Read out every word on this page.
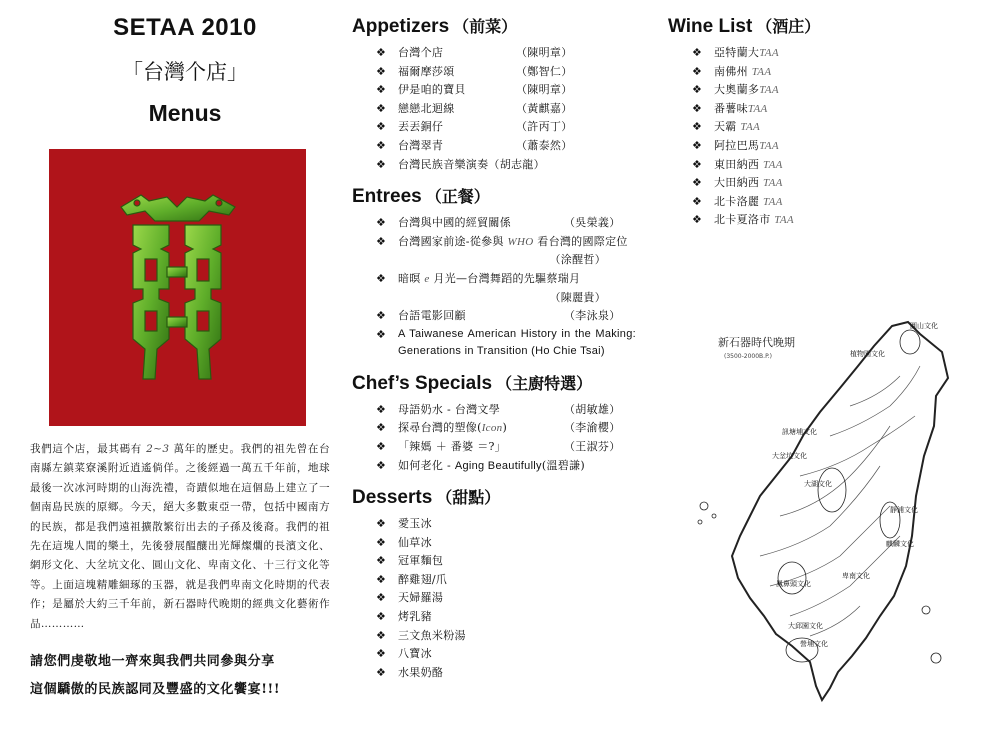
SETAA 2010
「台灣个店」
Menus
我們這个店，最其碼有 2~3 萬年的歷史。我們的祖先曾在台南縣左鎮菜寮溪附近逍遙倘佯。之後經過一萬五千年前，地球最後一次冰河時期的山海洗禮，奇蹟似地在這個島上建立了一個南島民族的原鄉。今天，絕大多數東亞一帶，包括中國南方的民族，都是我們遠祖擴散繁衍出去的子孫及後裔。我們的祖先在這塊人間的樂土，先後發展醞釀出光輝燦爛的長濱文化、網形文化、大坌坑文化、圓山文化、卑南文化、十三行文化等等。上面這塊精雕細琢的玉器，就是我們卑南文化時期的代表作；是屬於大約三千年前，新石器時代晚期的經典文化藝術作品…………
請您們虔敬地一齊來與我們共同參與分享
這個驕傲的民族認同及豐盛的文化饗宴!!!
Appetizers （前菜）
❖ 台灣个店	（陳明章）
❖ 福爾摩莎頌	（鄭智仁）
❖ 伊是咱的寶貝	（陳明章）
❖ 戀戀北迴線	（黃麒嘉）
❖ 丟丟銅仔	（許丙丁）
❖ 台灣翠青	（蕭泰然）
❖ 台灣民族音樂演奏（胡志龍）
Entrees （正餐）
❖ 台灣與中國的經貿關係	（吳榮義）
❖ 台灣國家前途-從參與 WHO 看台灣的國際定位
（涂醒哲）
❖ 暗暝 e 月光—台灣舞蹈的先驅蔡瑞月
（陳麗貴）
❖ 台語電影回顧	（李泳泉）
❖ A Taiwanese American History in the Making: Generations in Transition (Ho Chie Tsai)
Chef’s Specials （主廚特選）
❖ 母語奶水 - 台灣文學	（胡敏雄）
❖ 探尋台灣的塑像(Icon)	（李渝櫻）
❖ 「辣媽 ＋ 番婆 ＝?」	（王淑芬）
❖ 如何老化 - Aging Beautifully(溫碧謙)
Desserts （甜點）
❖ 愛玉冰
❖ 仙草冰
❖ 冠軍麵包
❖ 醉雞翅/爪
❖ 天婦羅湯
❖ 烤乳豬
❖ 三文魚米粉湯
❖ 八寶冰
❖ 水果奶酪
Wine List （酒庄）
❖ 亞特蘭大TAA
❖ 南佛州 TAA
❖ 大奧蘭多TAA
❖ 番薯味TAA
❖ 天霸 TAA
❖ 阿拉巴馬TAA
❖ 東田納西 TAA
❖ 大田納西 TAA
❖ 北卡洛麗 TAA
❖ 北卡夏洛市 TAA
新石器時代晚期
(3500-2000B.P.)
圓山文化
植物園文化
訊塘埔文化
大坌坑文化
大湖文化
鳳鼻頭文化
卑南文化
靜浦文化
麒麟文化
營埔文化
大邱園文化
